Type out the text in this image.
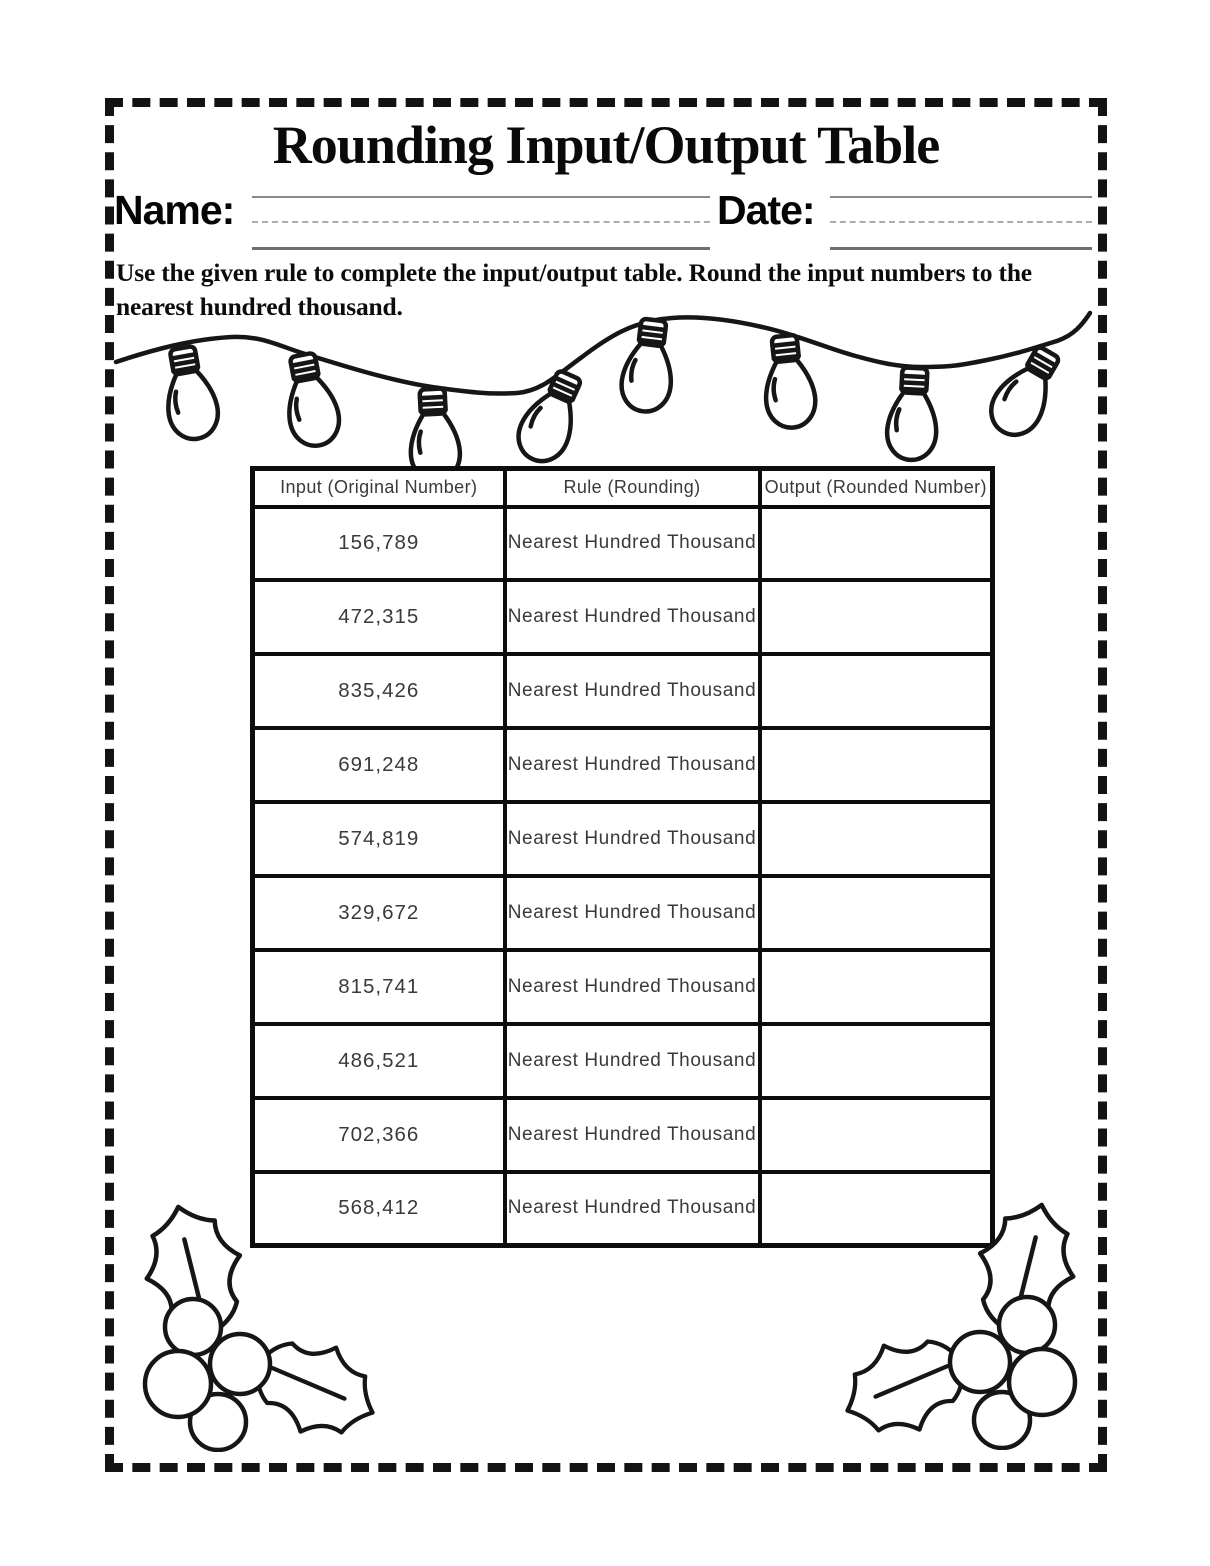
Rounding Input/Output Table
Name:	Date:

Use the given rule to complete the input/output table. Round the input numbers to the nearest hundred thousand.

Input (Original Number)	Rule (Rounding)	Output (Rounded Number)
156,789	Nearest Hundred Thousand	
472,315	Nearest Hundred Thousand	
835,426	Nearest Hundred Thousand	
691,248	Nearest Hundred Thousand	
574,819	Nearest Hundred Thousand	
329,672	Nearest Hundred Thousand	
815,741	Nearest Hundred Thousand	
486,521	Nearest Hundred Thousand	
702,366	Nearest Hundred Thousand	
568,412	Nearest Hundred Thousand	
